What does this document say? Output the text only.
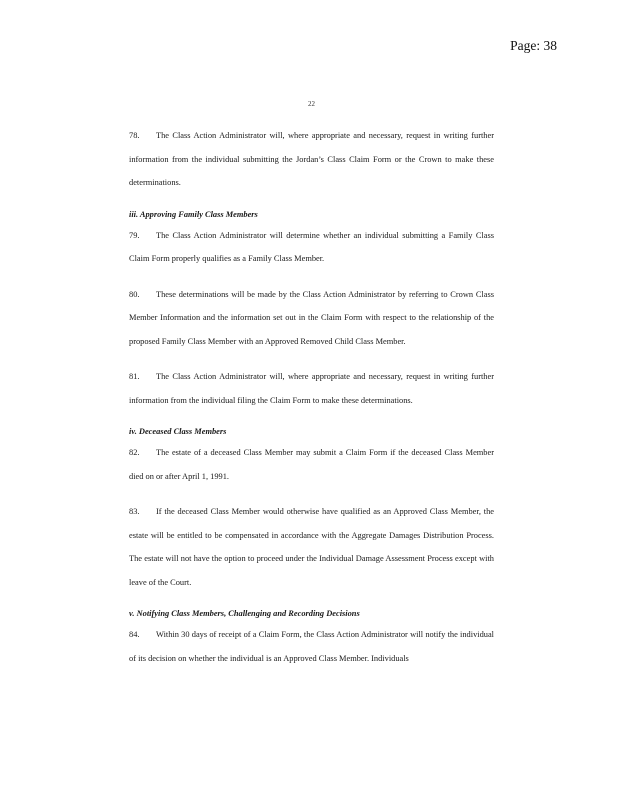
Page: 38
22

78. The Class Action Administrator will, where appropriate and necessary, request in writing further information from the individual submitting the Jordan’s Class Claim Form or the Crown to make these determinations.

iii. Approving Family Class Members

79. The Class Action Administrator will determine whether an individual submitting a Family Class Claim Form properly qualifies as a Family Class Member.

80. These determinations will be made by the Class Action Administrator by referring to Crown Class Member Information and the information set out in the Claim Form with respect to the relationship of the proposed Family Class Member with an Approved Removed Child Class Member.

81. The Class Action Administrator will, where appropriate and necessary, request in writing further information from the individual filing the Claim Form to make these determinations.

iv. Deceased Class Members

82. The estate of a deceased Class Member may submit a Claim Form if the deceased Class Member died on or after April 1, 1991.

83. If the deceased Class Member would otherwise have qualified as an Approved Class Member, the estate will be entitled to be compensated in accordance with the Aggregate Damages Distribution Process. The estate will not have the option to proceed under the Individual Damage Assessment Process except with leave of the Court.

v. Notifying Class Members, Challenging and Recording Decisions

84. Within 30 days of receipt of a Claim Form, the Class Action Administrator will notify the individual of its decision on whether the individual is an Approved Class Member. Individuals
